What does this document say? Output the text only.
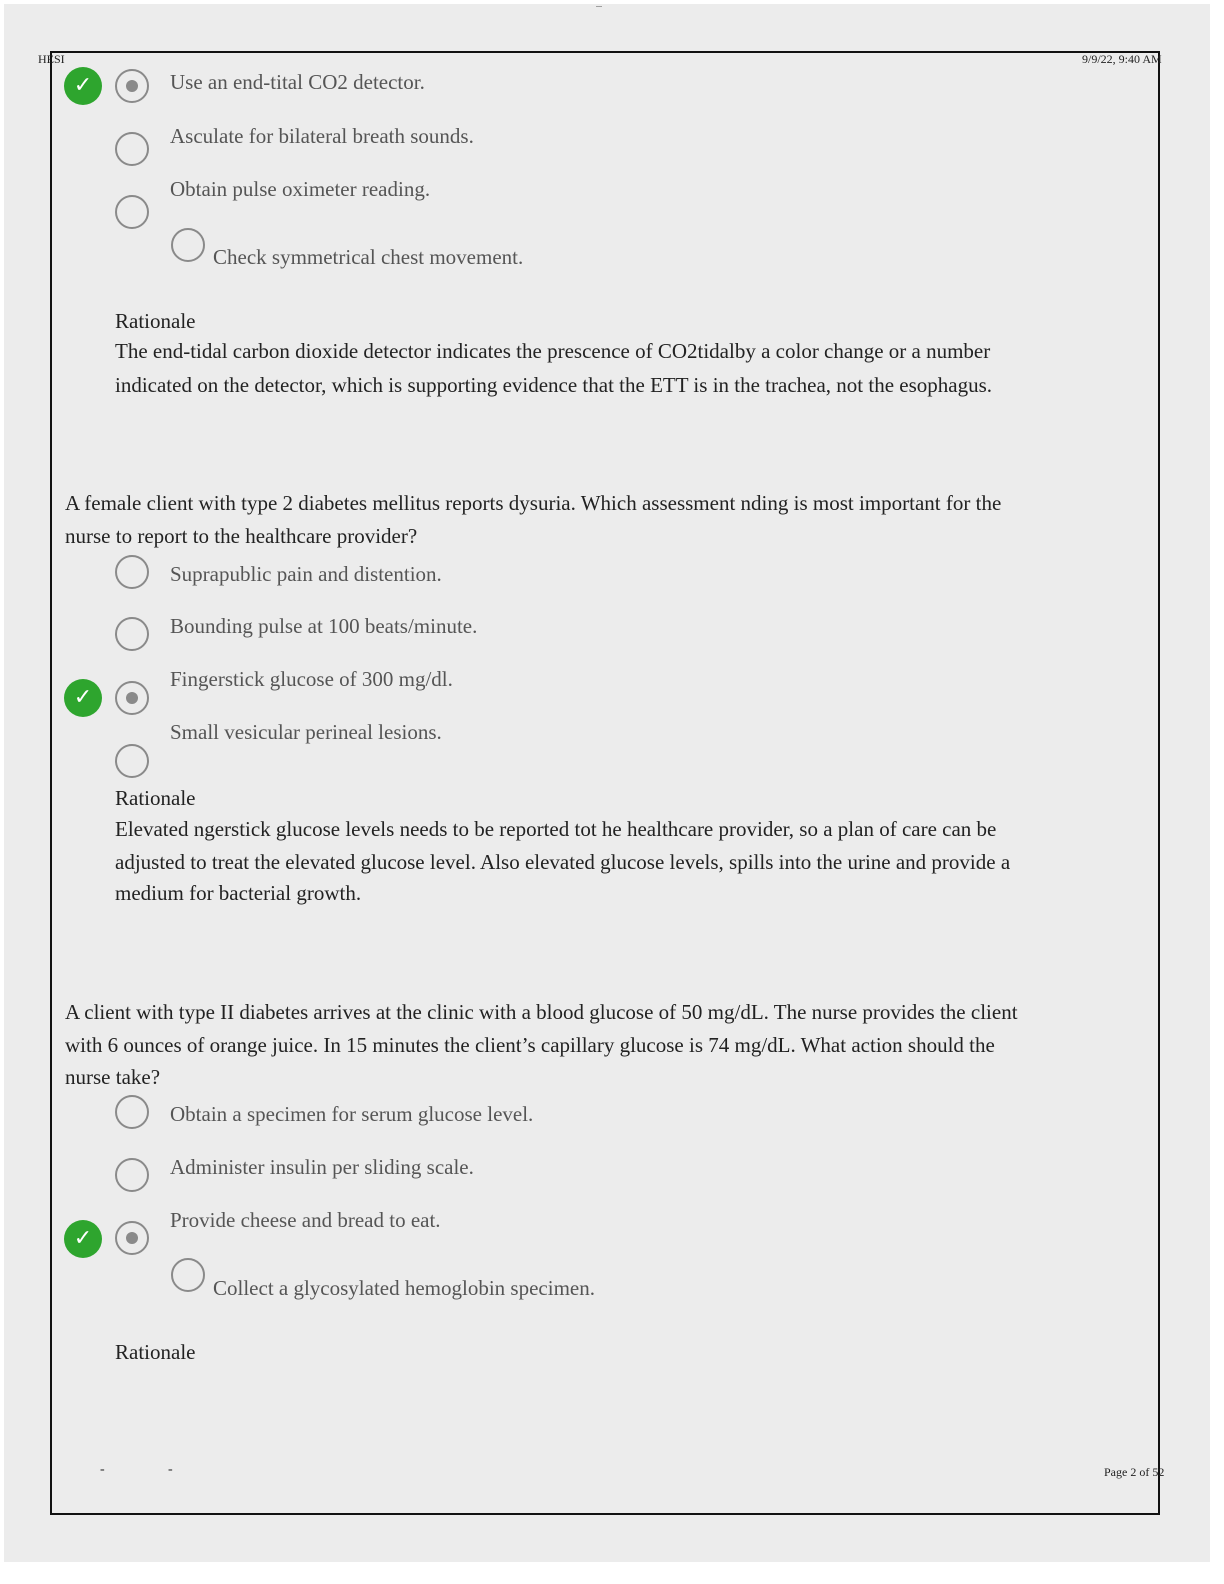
...
HESI	9/9/22, 9:40 AM
✓	Use an end-tital CO2 detector.
Asculate for bilateral breath sounds.
Obtain pulse oximeter reading.
Check symmetrical chest movement.
Rationale
The end-tidal carbon dioxide detector indicates the prescence of CO2tidalby a color change or a number
indicated on the detector, which is supporting evidence that the ETT is in the trachea, not the esophagus.
A female client with type 2 diabetes mellitus reports dysuria. Which assessment nding is most important for the
nurse to report to the healthcare provider?
Suprapublic pain and distention.
Bounding pulse at 100 beats/minute.
✓
Fingerstick glucose of 300 mg/dl.
Small vesicular perineal lesions.
Rationale
Elevated ngerstick glucose levels needs to be reported tot he healthcare provider, so a plan of care can be
adjusted to treat the elevated glucose level. Also elevated glucose levels, spills into the urine and provide a
medium for bacterial growth.
A client with type II diabetes arrives at the clinic with a blood glucose of 50 mg/dL. The nurse provides the client
with 6 ounces of orange juice. In 15 minutes the client’s capillary glucose is 74 mg/dL. What action should the
nurse take?
Obtain a specimen for serum glucose level.
Administer insulin per sliding scale.
✓
Provide cheese and bread to eat.
Collect a glycosylated hemoglobin specimen.
Rationale
-	-	Page 2 of 52
